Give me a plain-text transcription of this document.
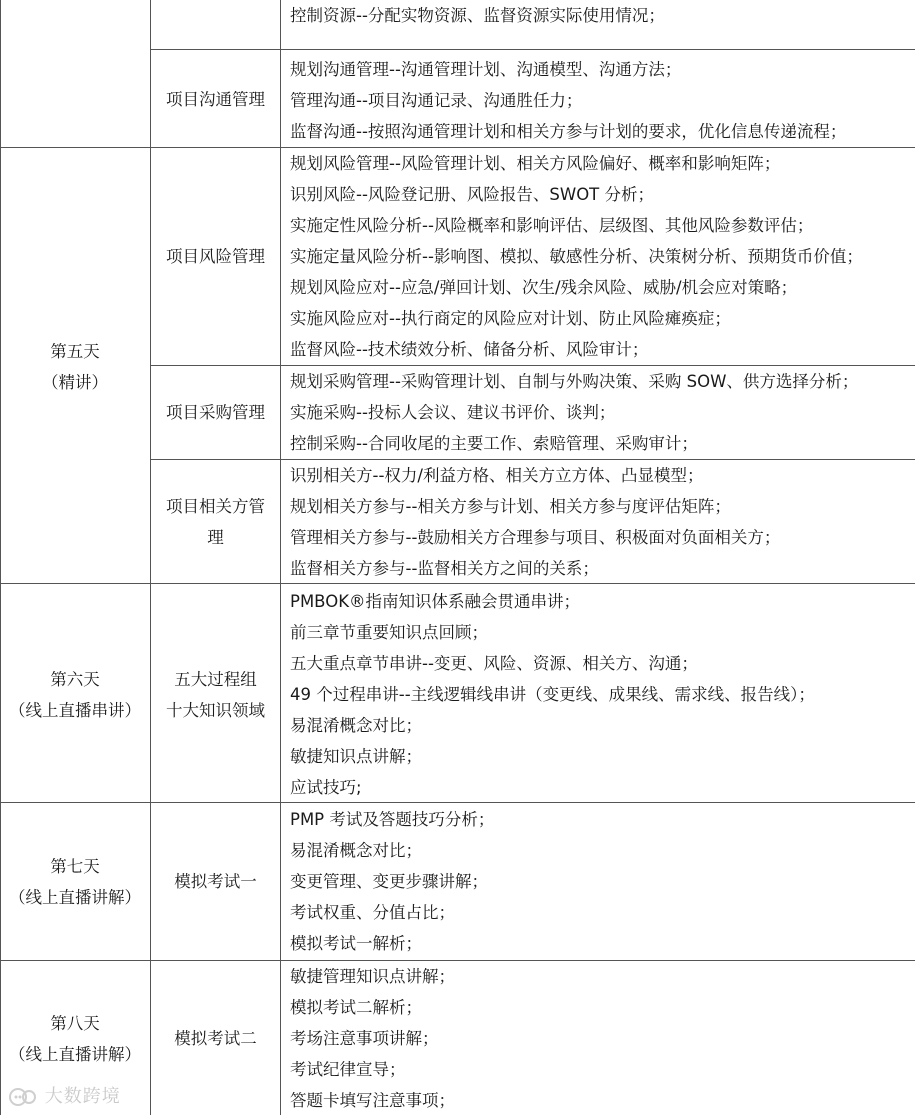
控制资源--分配实物资源、监督资源实际使用情况；
项目沟通管理
规划沟通管理--沟通管理计划、沟通模型、沟通方法；
管理沟通--项目沟通记录、沟通胜任力；
监督沟通--按照沟通管理计划和相关方参与计划的要求，优化信息传递流程；
第五天
（精讲）
项目风险管理
规划风险管理--风险管理计划、相关方风险偏好、概率和影响矩阵；
识别风险--风险登记册、风险报告、SWOT 分析；
实施定性风险分析--风险概率和影响评估、层级图、其他风险参数评估；
实施定量风险分析--影响图、模拟、敏感性分析、决策树分析、预期货币价值；
规划风险应对--应急/弹回计划、次生/残余风险、威胁/机会应对策略；
实施风险应对--执行商定的风险应对计划、防止风险瘫痪症；
监督风险--技术绩效分析、储备分析、风险审计；
项目采购管理
规划采购管理--采购管理计划、自制与外购决策、采购 SOW、供方选择分析；
实施采购--投标人会议、建议书评价、谈判；
控制采购--合同收尾的主要工作、索赔管理、采购审计；
项目相关方管
理
识别相关方--权力/利益方格、相关方立方体、凸显模型；
规划相关方参与--相关方参与计划、相关方参与度评估矩阵；
管理相关方参与--鼓励相关方合理参与项目、积极面对负面相关方；
监督相关方参与--监督相关方之间的关系；
第六天
（线上直播串讲）
五大过程组
十大知识领域
PMBOK®指南知识体系融会贯通串讲；
前三章节重要知识点回顾；
五大重点章节串讲--变更、风险、资源、相关方、沟通；
49 个过程串讲--主线逻辑线串讲（变更线、成果线、需求线、报告线）；
易混淆概念对比；
敏捷知识点讲解；
应试技巧;
第七天
（线上直播讲解）
模拟考试一
PMP 考试及答题技巧分析；
易混淆概念对比；
变更管理、变更步骤讲解；
考试权重、分值占比；
模拟考试一解析；
第八天
（线上直播讲解）
模拟考试二
敏捷管理知识点讲解；
模拟考试二解析；
考场注意事项讲解；
考试纪律宣导；
答题卡填写注意事项；
大数跨境
